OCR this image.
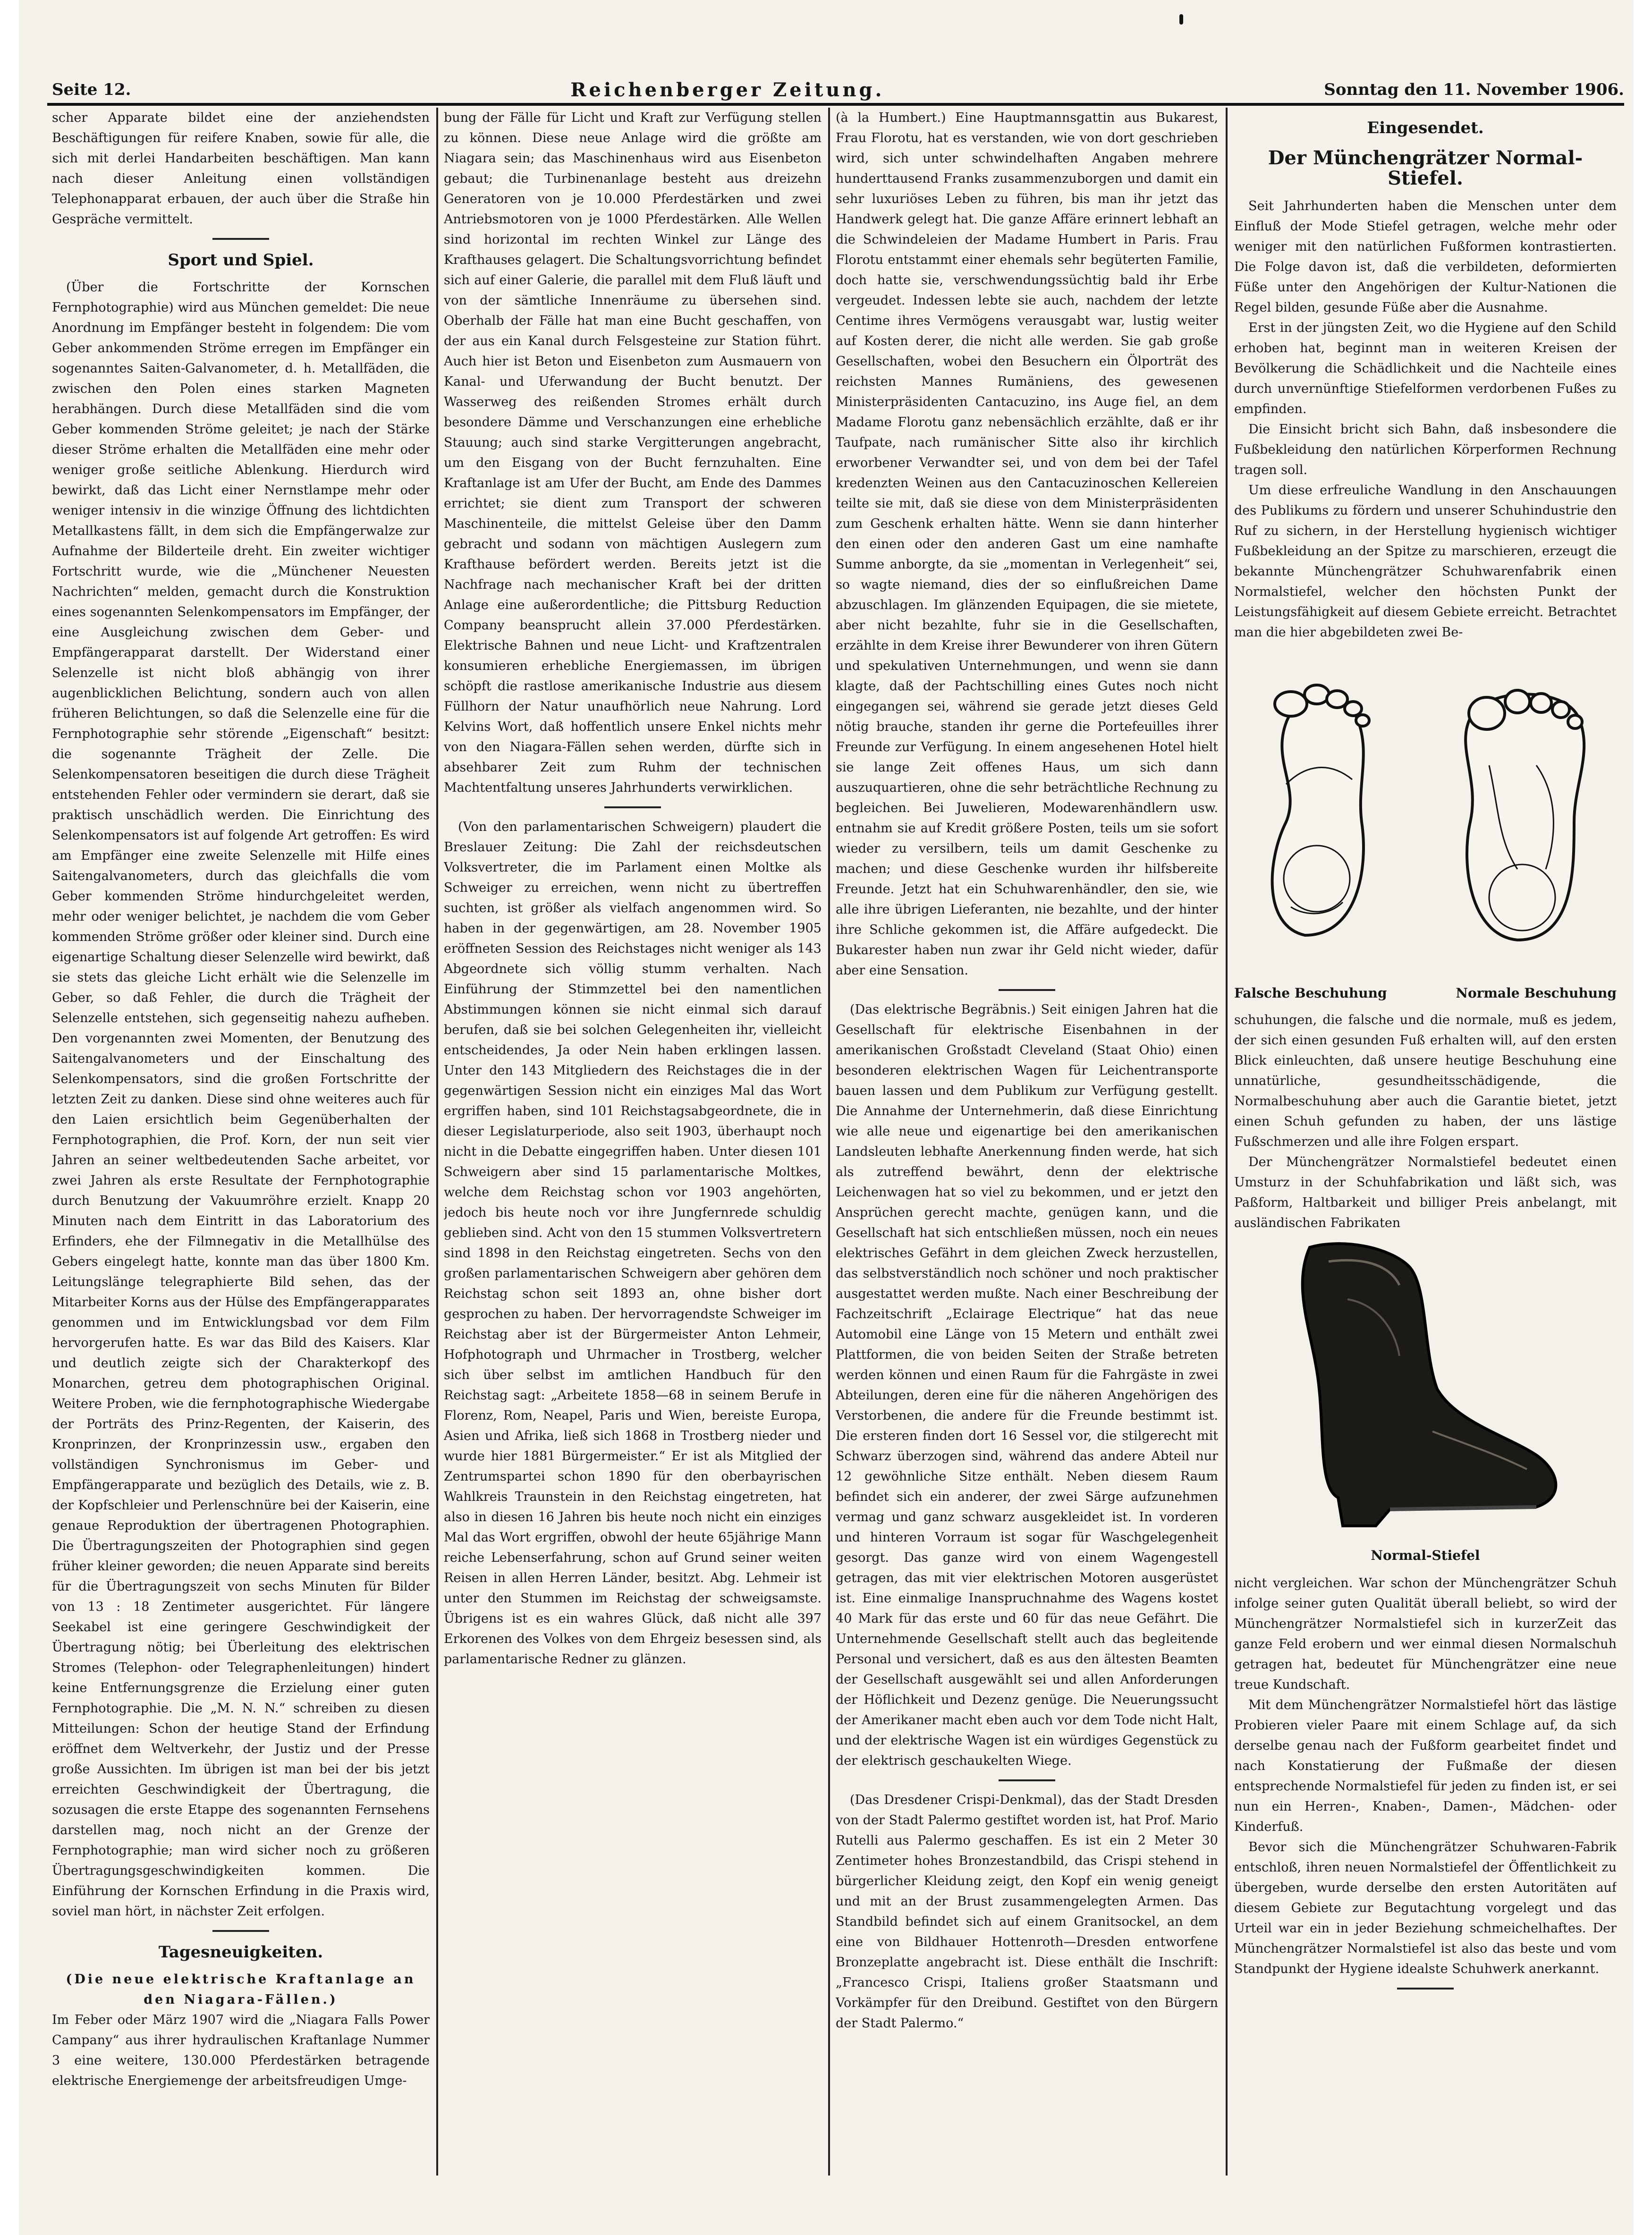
Seite 12.	Reichenberger Zeitung.	Sonntag den 11. November 1906.

scher Apparate bildet eine der anziehendsten Beschäftigungen für reifere Knaben, sowie für alle, die sich mit derlei Handarbeiten beschäftigen. Man kann nach dieser Anleitung einen vollständigen Telephonapparat erbauen, der auch über die Straße hin Gespräche vermittelt.

Sport und Spiel.

(Über die Fortschritte der Kornschen Fernphotographie) wird aus München gemeldet: Die neue Anordnung im Empfänger besteht in folgendem: Die vom Geber ankommenden Ströme erregen im Empfänger ein sogenanntes Saiten-Galvanometer, d. h. Metallfäden, die zwischen den Polen eines starken Magneten herabhängen. Durch diese Metallfäden sind die vom Geber kommenden Ströme geleitet; je nach der Stärke dieser Ströme erhalten die Metallfäden eine mehr oder weniger große seitliche Ablenkung. Hierdurch wird bewirkt, daß das Licht einer Nernstlampe mehr oder weniger intensiv in die winzige Öffnung des lichtdichten Metallkastens fällt, in dem sich die Empfängerwalze zur Aufnahme der Bilderteile dreht. Ein zweiter wichtiger Fortschritt wurde, wie die „Münchener Neuesten Nachrichten“ melden, gemacht durch die Konstruktion eines sogenannten Selenkompensators im Empfänger, der eine Ausgleichung zwischen dem Geber- und Empfängerapparat darstellt. Der Widerstand einer Selenzelle ist nicht bloß abhängig von ihrer augenblicklichen Belichtung, sondern auch von allen früheren Belichtungen, so daß die Selenzelle eine für die Fernphotographie sehr störende „Eigenschaft“ besitzt: die sogenannte Trägheit der Zelle. Die Selenkompensatoren beseitigen die durch diese Trägheit entstehenden Fehler oder vermindern sie derart, daß sie praktisch unschädlich werden. Die Einrichtung des Selenkompensators ist auf folgende Art getroffen: Es wird am Empfänger eine zweite Selenzelle mit Hilfe eines Saitengalvanometers, durch das gleichfalls die vom Geber kommenden Ströme hindurchgeleitet werden, mehr oder weniger belichtet, je nachdem die vom Geber kommenden Ströme größer oder kleiner sind. Durch eine eigenartige Schaltung dieser Selenzelle wird bewirkt, daß sie stets das gleiche Licht erhält wie die Selenzelle im Geber, so daß Fehler, die durch die Trägheit der Selenzelle entstehen, sich gegenseitig nahezu aufheben. Den vorgenannten zwei Momenten, der Benutzung des Saitengalvanometers und der Einschaltung des Selenkompensators, sind die großen Fortschritte der letzten Zeit zu danken. Diese sind ohne weiteres auch für den Laien ersichtlich beim Gegenüberhalten der Fernphotographien, die Prof. Korn, der nun seit vier Jahren an seiner weltbedeutenden Sache arbeitet, vor zwei Jahren als erste Resultate der Fernphotographie durch Benutzung der Vakuumröhre erzielt. Knapp 20 Minuten nach dem Eintritt in das Laboratorium des Erfinders, ehe der Filmnegativ in die Metallhülse des Gebers eingelegt hatte, konnte man das über 1800 Km. Leitungslänge telegraphierte Bild sehen, das der Mitarbeiter Korns aus der Hülse des Empfängerapparates genommen und im Entwicklungsbad vor dem Film hervorgerufen hatte. Es war das Bild des Kaisers. Klar und deutlich zeigte sich der Charakterkopf des Monarchen, getreu dem photographischen Original. Weitere Proben, wie die fernphotographische Wiedergabe der Porträts des Prinz-Regenten, der Kaiserin, des Kronprinzen, der Kronprinzessin usw., ergaben den vollständigen Synchronismus im Geber- und Empfängerapparate und bezüglich des Details, wie z. B. der Kopfschleier und Perlenschnüre bei der Kaiserin, eine genaue Reproduktion der übertragenen Photographien. Die Übertragungszeiten der Photographien sind gegen früher kleiner geworden; die neuen Apparate sind bereits für die Übertragungszeit von sechs Minuten für Bilder von 13 : 18 Zentimeter ausgerichtet. Für längere Seekabel ist eine geringere Geschwindigkeit der Übertragung nötig; bei Überleitung des elektrischen Stromes (Telephon- oder Telegraphenleitungen) hindert keine Entfernungsgrenze die Erzielung einer guten Fernphotographie. Die „M. N. N.“ schreiben zu diesen Mitteilungen: Schon der heutige Stand der Erfindung eröffnet dem Weltverkehr, der Justiz und der Presse große Aussichten. Im übrigen ist man bei der bis jetzt erreichten Geschwindigkeit der Übertragung, die sozusagen die erste Etappe des sogenannten Fernsehens darstellen mag, noch nicht an der Grenze der Fernphotographie; man wird sicher noch zu größeren Übertragungsgeschwindigkeiten kommen. Die Einführung der Kornschen Erfindung in die Praxis wird, soviel man hört, in nächster Zeit erfolgen.

Tagesneuigkeiten.

(Die neue elektrische Kraftanlage an den Niagara-Fällen.)

Im Feber oder März 1907 wird die „Niagara Falls Power Campany“ aus ihrer hydraulischen Kraftanlage Nummer 3 eine weitere, 130.000 Pferdestärken betragende elektrische Energiemenge der arbeitsfreudigen Umge-

bung der Fälle für Licht und Kraft zur Verfügung stellen zu können. Diese neue Anlage wird die größte am Niagara sein; das Maschinenhaus wird aus Eisenbeton gebaut; die Turbinenanlage besteht aus dreizehn Generatoren von je 10.000 Pferdestärken und zwei Antriebsmotoren von je 1000 Pferdestärken. Alle Wellen sind horizontal im rechten Winkel zur Länge des Krafthauses gelagert. Die Schaltungsvorrichtung befindet sich auf einer Galerie, die parallel mit dem Fluß läuft und von der sämtliche Innenräume zu übersehen sind. Oberhalb der Fälle hat man eine Bucht geschaffen, von der aus ein Kanal durch Felsgesteine zur Station führt. Auch hier ist Beton und Eisenbeton zum Ausmauern von Kanal- und Uferwandung der Bucht benutzt. Der Wasserweg des reißenden Stromes erhält durch besondere Dämme und Verschanzungen eine erhebliche Stauung; auch sind starke Vergitterungen angebracht, um den Eisgang von der Bucht fernzuhalten. Eine Kraftanlage ist am Ufer der Bucht, am Ende des Dammes errichtet; sie dient zum Transport der schweren Maschinenteile, die mittelst Geleise über den Damm gebracht und sodann von mächtigen Auslegern zum Krafthause befördert werden. Bereits jetzt ist die Nachfrage nach mechanischer Kraft bei der dritten Anlage eine außerordentliche; die Pittsburg Reduction Company beansprucht allein 37.000 Pferdestärken. Elektrische Bahnen und neue Licht- und Kraftzentralen konsumieren erhebliche Energiemassen, im übrigen schöpft die rastlose amerikanische Industrie aus diesem Füllhorn der Natur unaufhörlich neue Nahrung. Lord Kelvins Wort, daß hoffentlich unsere Enkel nichts mehr von den Niagara-Fällen sehen werden, dürfte sich in absehbarer Zeit zum Ruhm der technischen Machtentfaltung unseres Jahrhunderts verwirklichen.

(Von den parlamentarischen Schweigern) plaudert die Breslauer Zeitung: Die Zahl der reichsdeutschen Volksvertreter, die im Parlament einen Moltke als Schweiger zu erreichen, wenn nicht zu übertreffen suchten, ist größer als vielfach angenommen wird. So haben in der gegenwärtigen, am 28. November 1905 eröffneten Session des Reichstages nicht weniger als 143 Abgeordnete sich völlig stumm verhalten. Nach Einführung der Stimmzettel bei den namentlichen Abstimmungen können sie nicht einmal sich darauf berufen, daß sie bei solchen Gelegenheiten ihr, vielleicht entscheidendes, Ja oder Nein haben erklingen lassen. Unter den 143 Mitgliedern des Reichstages die in der gegenwärtigen Session nicht ein einziges Mal das Wort ergriffen haben, sind 101 Reichstagsabgeordnete, die in dieser Legislaturperiode, also seit 1903, überhaupt noch nicht in die Debatte eingegriffen haben. Unter diesen 101 Schweigern aber sind 15 parlamentarische Moltkes, welche dem Reichstag schon vor 1903 angehörten, jedoch bis heute noch vor ihre Jungfernrede schuldig geblieben sind. Acht von den 15 stummen Volksvertretern sind 1898 in den Reichstag eingetreten. Sechs von den großen parlamentarischen Schweigern aber gehören dem Reichstag schon seit 1893 an, ohne bisher dort gesprochen zu haben. Der hervorragendste Schweiger im Reichstag aber ist der Bürgermeister Anton Lehmeir, Hofphotograph und Uhrmacher in Trostberg, welcher sich über selbst im amtlichen Handbuch für den Reichstag sagt: „Arbeitete 1858—68 in seinem Berufe in Florenz, Rom, Neapel, Paris und Wien, bereiste Europa, Asien und Afrika, ließ sich 1868 in Trostberg nieder und wurde hier 1881 Bürgermeister.“ Er ist als Mitglied der Zentrumspartei schon 1890 für den oberbayrischen Wahlkreis Traunstein in den Reichstag eingetreten, hat also in diesen 16 Jahren bis heute noch nicht ein einziges Mal das Wort ergriffen, obwohl der heute 65jährige Mann reiche Lebenserfahrung, schon auf Grund seiner weiten Reisen in allen Herren Länder, besitzt. Abg. Lehmeir ist unter den Stummen im Reichstag der schweigsamste. Übrigens ist es ein wahres Glück, daß nicht alle 397 Erkorenen des Volkes von dem Ehrgeiz besessen sind, als parlamentarische Redner zu glänzen.

(à la Humbert.) Eine Hauptmannsgattin aus Bukarest, Frau Florotu, hat es verstanden, wie von dort geschrieben wird, sich unter schwindelhaften Angaben mehrere hunderttausend Franks zusammenzuborgen und damit ein sehr luxuriöses Leben zu führen, bis man ihr jetzt das Handwerk gelegt hat. Die ganze Affäre erinnert lebhaft an die Schwindeleien der Madame Humbert in Paris. Frau Florotu entstammt einer ehemals sehr begüterten Familie, doch hatte sie, verschwendungssüchtig bald ihr Erbe vergeudet. Indessen lebte sie auch, nachdem der letzte Centime ihres Vermögens verausgabt war, lustig weiter auf Kosten derer, die nicht alle werden. Sie gab große Gesellschaften, wobei den Besuchern ein Ölporträt des reichsten Mannes Rumäniens, des gewesenen Ministerpräsidenten Cantacuzino, ins Auge fiel, an dem Madame Florotu ganz nebensächlich erzählte, daß er ihr Taufpate, nach rumänischer Sitte also ihr kirchlich erworbener Verwandter sei, und von dem bei der Tafel kredenzten Weinen aus den Cantacuzinoschen Kellereien teilte sie mit, daß sie diese von dem Ministerpräsidenten zum Geschenk erhalten hätte. Wenn sie dann hinterher den einen oder den anderen Gast um eine namhafte Summe anborgte, da sie „momentan in Verlegenheit“ sei, so wagte niemand, dies der so einflußreichen Dame abzuschlagen. Im glänzenden Equipagen, die sie mietete, aber nicht bezahlte, fuhr sie in die Gesellschaften, erzählte in dem Kreise ihrer Bewunderer von ihren Gütern und spekulativen Unternehmungen, und wenn sie dann klagte, daß der Pachtschilling eines Gutes noch nicht eingegangen sei, während sie gerade jetzt dieses Geld nötig brauche, standen ihr gerne die Portefeuilles ihrer Freunde zur Verfügung. In einem angesehenen Hotel hielt sie lange Zeit offenes Haus, um sich dann auszuquartieren, ohne die sehr beträchtliche Rechnung zu begleichen. Bei Juwelieren, Modewarenhändlern usw. entnahm sie auf Kredit größere Posten, teils um sie sofort wieder zu versilbern, teils um damit Geschenke zu machen; und diese Geschenke wurden ihr hilfsbereite Freunde. Jetzt hat ein Schuhwarenhändler, den sie, wie alle ihre übrigen Lieferanten, nie bezahlte, und der hinter ihre Schliche gekommen ist, die Affäre aufgedeckt. Die Bukarester haben nun zwar ihr Geld nicht wieder, dafür aber eine Sensation.

(Das elektrische Begräbnis.) Seit einigen Jahren hat die Gesellschaft für elektrische Eisenbahnen in der amerikanischen Großstadt Cleveland (Staat Ohio) einen besonderen elektrischen Wagen für Leichentransporte bauen lassen und dem Publikum zur Verfügung gestellt. Die Annahme der Unternehmerin, daß diese Einrichtung wie alle neue und eigenartige bei den amerikanischen Landsleuten lebhafte Anerkennung finden werde, hat sich als zutreffend bewährt, denn der elektrische Leichenwagen hat so viel zu bekommen, und er jetzt den Ansprüchen gerecht machte, genügen kann, und die Gesellschaft hat sich entschließen müssen, noch ein neues elektrisches Gefährt in dem gleichen Zweck herzustellen, das selbstverständlich noch schöner und noch praktischer ausgestattet werden mußte. Nach einer Beschreibung der Fachzeitschrift „Eclairage Electrique“ hat das neue Automobil eine Länge von 15 Metern und enthält zwei Plattformen, die von beiden Seiten der Straße betreten werden können und einen Raum für die Fahrgäste in zwei Abteilungen, deren eine für die näheren Angehörigen des Verstorbenen, die andere für die Freunde bestimmt ist. Die ersteren finden dort 16 Sessel vor, die stilgerecht mit Schwarz überzogen sind, während das andere Abteil nur 12 gewöhnliche Sitze enthält. Neben diesem Raum befindet sich ein anderer, der zwei Särge aufzunehmen vermag und ganz schwarz ausgekleidet ist. In vorderen und hinteren Vorraum ist sogar für Waschgelegenheit gesorgt. Das ganze wird von einem Wagengestell getragen, das mit vier elektrischen Motoren ausgerüstet ist. Eine einmalige Inanspruchnahme des Wagens kostet 40 Mark für das erste und 60 für das neue Gefährt. Die Unternehmende Gesellschaft stellt auch das begleitende Personal und versichert, daß es aus den ältesten Beamten der Gesellschaft ausgewählt sei und allen Anforderungen der Höflichkeit und Dezenz genüge. Die Neuerungssucht der Amerikaner macht eben auch vor dem Tode nicht Halt, und der elektrische Wagen ist ein würdiges Gegenstück zu der elektrisch geschaukelten Wiege.

(Das Dresdener Crispi-Denkmal), das der Stadt Dresden von der Stadt Palermo gestiftet worden ist, hat Prof. Mario Rutelli aus Palermo geschaffen. Es ist ein 2 Meter 30 Zentimeter hohes Bronzestandbild, das Crispi stehend in bürgerlicher Kleidung zeigt, den Kopf ein wenig geneigt und mit an der Brust zusammengelegten Armen. Das Standbild befindet sich auf einem Granitsockel, an dem eine von Bildhauer Hottenroth—Dresden entworfene Bronzeplatte angebracht ist. Diese enthält die Inschrift: „Francesco Crispi, Italiens großer Staatsmann und Vorkämpfer für den Dreibund. Gestiftet von den Bürgern der Stadt Palermo.“

Eingesendet.
Der Münchengrätzer Normal-Stiefel.

Seit Jahrhunderten haben die Menschen unter dem Einfluß der Mode Stiefel getragen, welche mehr oder weniger mit den natürlichen Fußformen kontrastierten. Die Folge davon ist, daß die verbildeten, deformierten Füße unter den Angehörigen der Kultur-Nationen die Regel bilden, gesunde Füße aber die Ausnahme.

Erst in der jüngsten Zeit, wo die Hygiene auf den Schild erhoben hat, beginnt man in weiteren Kreisen der Bevölkerung die Schädlichkeit und die Nachteile eines durch unvernünftige Stiefelformen verdorbenen Fußes zu empfinden.

Die Einsicht bricht sich Bahn, daß insbesondere die Fußbekleidung den natürlichen Körperformen Rechnung tragen soll.

Um diese erfreuliche Wandlung in den Anschauungen des Publikums zu fördern und unserer Schuhindustrie den Ruf zu sichern, in der Herstellung hygienisch wichtiger Fußbekleidung an der Spitze zu marschieren, erzeugt die bekannte Münchengrätzer Schuhwarenfabrik einen Normalstiefel, welcher den höchsten Punkt der Leistungsfähigkeit auf diesem Gebiete erreicht. Betrachtet man die hier abgebildeten zwei Be-

Falsche Beschuhung	Normale Beschuhung

schuhungen, die falsche und die normale, muß es jedem, der sich einen gesunden Fuß erhalten will, auf den ersten Blick einleuchten, daß unsere heutige Beschuhung eine unnatürliche, gesundheitsschädigende, die Normalbeschuhung aber auch die Garantie bietet, jetzt einen Schuh gefunden zu haben, der uns lästige Fußschmerzen und alle ihre Folgen erspart.

Der Münchengrätzer Normalstiefel bedeutet einen Umsturz in der Schuhfabrikation und läßt sich, was Paßform, Haltbarkeit und billiger Preis anbelangt, mit ausländischen Fabrikaten

Normal-Stiefel

nicht vergleichen. War schon der Münchengrätzer Schuh infolge seiner guten Qualität überall beliebt, so wird der Münchengrätzer Normalstiefel sich in kurzerZeit das ganze Feld erobern und wer einmal diesen Normalschuh getragen hat, bedeutet für Münchengrätzer eine neue treue Kundschaft.

Mit dem Münchengrätzer Normalstiefel hört das lästige Probieren vieler Paare mit einem Schlage auf, da sich derselbe genau nach der Fußform gearbeitet findet und nach Konstatierung der Fußmaße der diesen entsprechende Normalstiefel für jeden zu finden ist, er sei nun ein Herren-, Knaben-, Damen-, Mädchen- oder Kinderfuß.

Bevor sich die Münchengrätzer Schuhwaren-Fabrik entschloß, ihren neuen Normalstiefel der Öffentlichkeit zu übergeben, wurde derselbe den ersten Autoritäten auf diesem Gebiete zur Begutachtung vorgelegt und das Urteil war ein in jeder Beziehung schmeichelhaftes. Der Münchengrätzer Normalstiefel ist also das beste und vom Standpunkt der Hygiene idealste Schuhwerk anerkannt.
